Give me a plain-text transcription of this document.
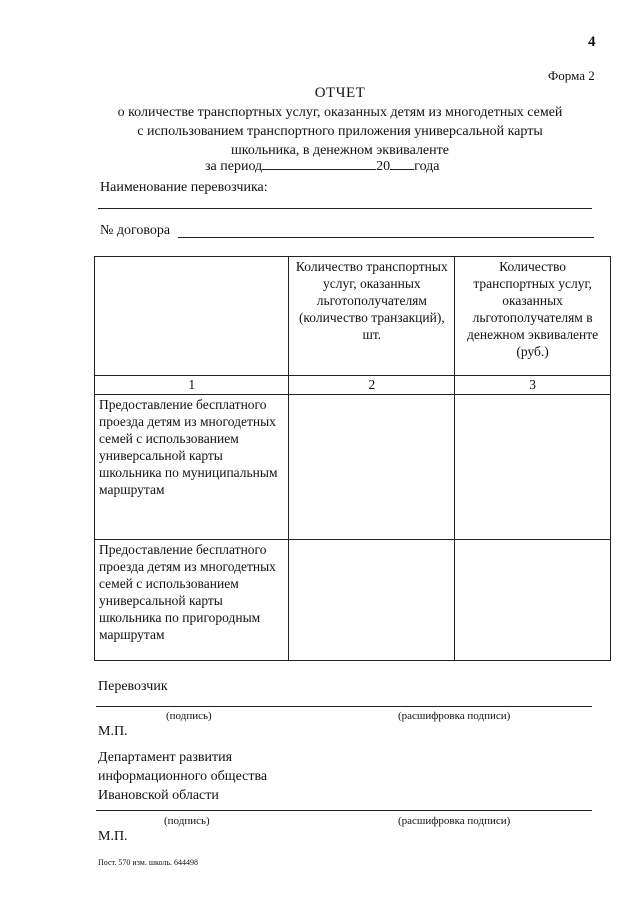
4
Форма 2
ОТЧЕТ
о количестве транспортных услуг, оказанных детям из многодетных семей
с использованием транспортного приложения универсальной карты
школьника, в денежном эквиваленте
за период	20 года
Наименование перевозчика:
№ договора
	Количество транспортных услуг, оказанных льготополучателям (количество транзакций), шт.	Количество транспортных услуг, оказанных льготополучателям в денежном эквиваленте (руб.)
1	2	3
Предоставление бесплатного проезда детям из многодетных семей с использованием универсальной карты школьника по муниципальным маршрутам		
Предоставление бесплатного проезда детям из многодетных семей с использованием универсальной карты школьника по пригородным маршрутам		
Перевозчик
(подпись)	(расшифровка подписи)
М.П.
Департамент развития
информационного общества
Ивановской области
(подпись)	(расшифровка подписи)
М.П.
Пост. 570 изм. школь. 644498
